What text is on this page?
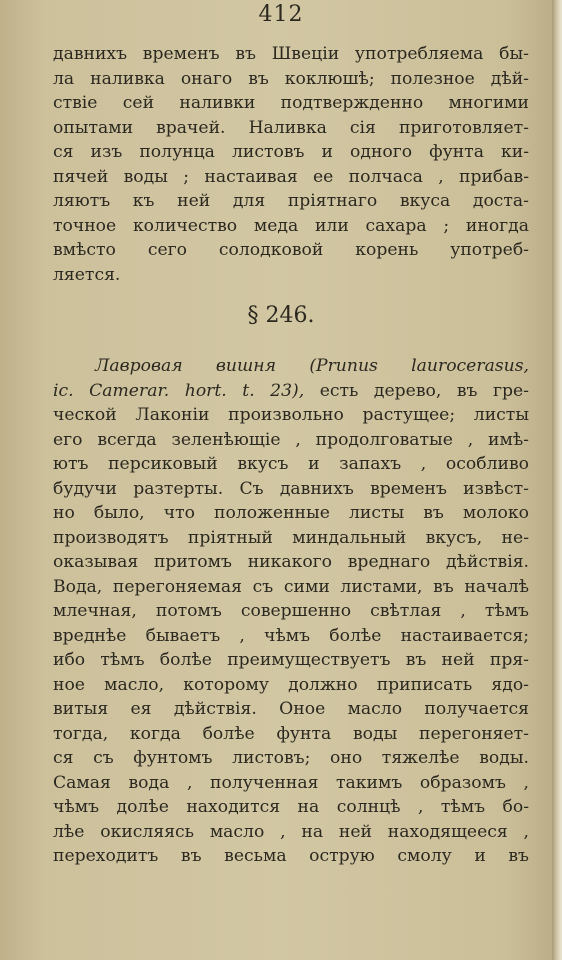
412
давнихъ временъ въ Швеціи употребляема бы-
ла наливка онаго въ коклюшѣ; полезное дѣй-
ствіе сей наливки подтвержденно многими
опытами врачей. Наливка сія приготовляет-
ся изъ полунца листовъ и одного фунта ки-
пячей воды ; настаивая ее полчаса , прибав-
ляютъ къ ней для пріятнаго вкуса доста-
точное количество меда или сахара ; иногда
вмѣсто сего солодковой корень употреб-
ляется.
§ 246.
Лавровая вишня (Prunus laurocerasus,
ic. Camerar. hort. t. 23), есть дерево, въ гре-
ческой Лаконіи произвольно растущее; листы
его всегда зеленѣющіе , продолговатые , имѣ-
ютъ персиковый вкусъ и запахъ , особливо
будучи разтерты. Съ давнихъ временъ извѣст-
но было, что положенные листы въ молоко
производятъ пріятный миндальный вкусъ, не-
оказывая притомъ никакого вреднаго дѣйствія.
Вода, перегоняемая съ сими листами, въ началѣ
млечная, потомъ совершенно свѣтлая , тѣмъ
вреднѣе бываетъ , чѣмъ болѣе настаивается;
ибо тѣмъ болѣе преимуществуетъ въ ней пря-
ное масло, которому должно приписать ядо-
витыя ея дѣйствія. Оное масло получается
тогда, когда болѣе фунта воды перегоняет-
ся съ фунтомъ листовъ; оно тяжелѣе воды.
Самая вода , полученная такимъ образомъ ,
чѣмъ долѣе находится на солнцѣ , тѣмъ бо-
лѣе окисляясь масло , на ней находящееся ,
переходитъ въ весьма острую смолу и въ
